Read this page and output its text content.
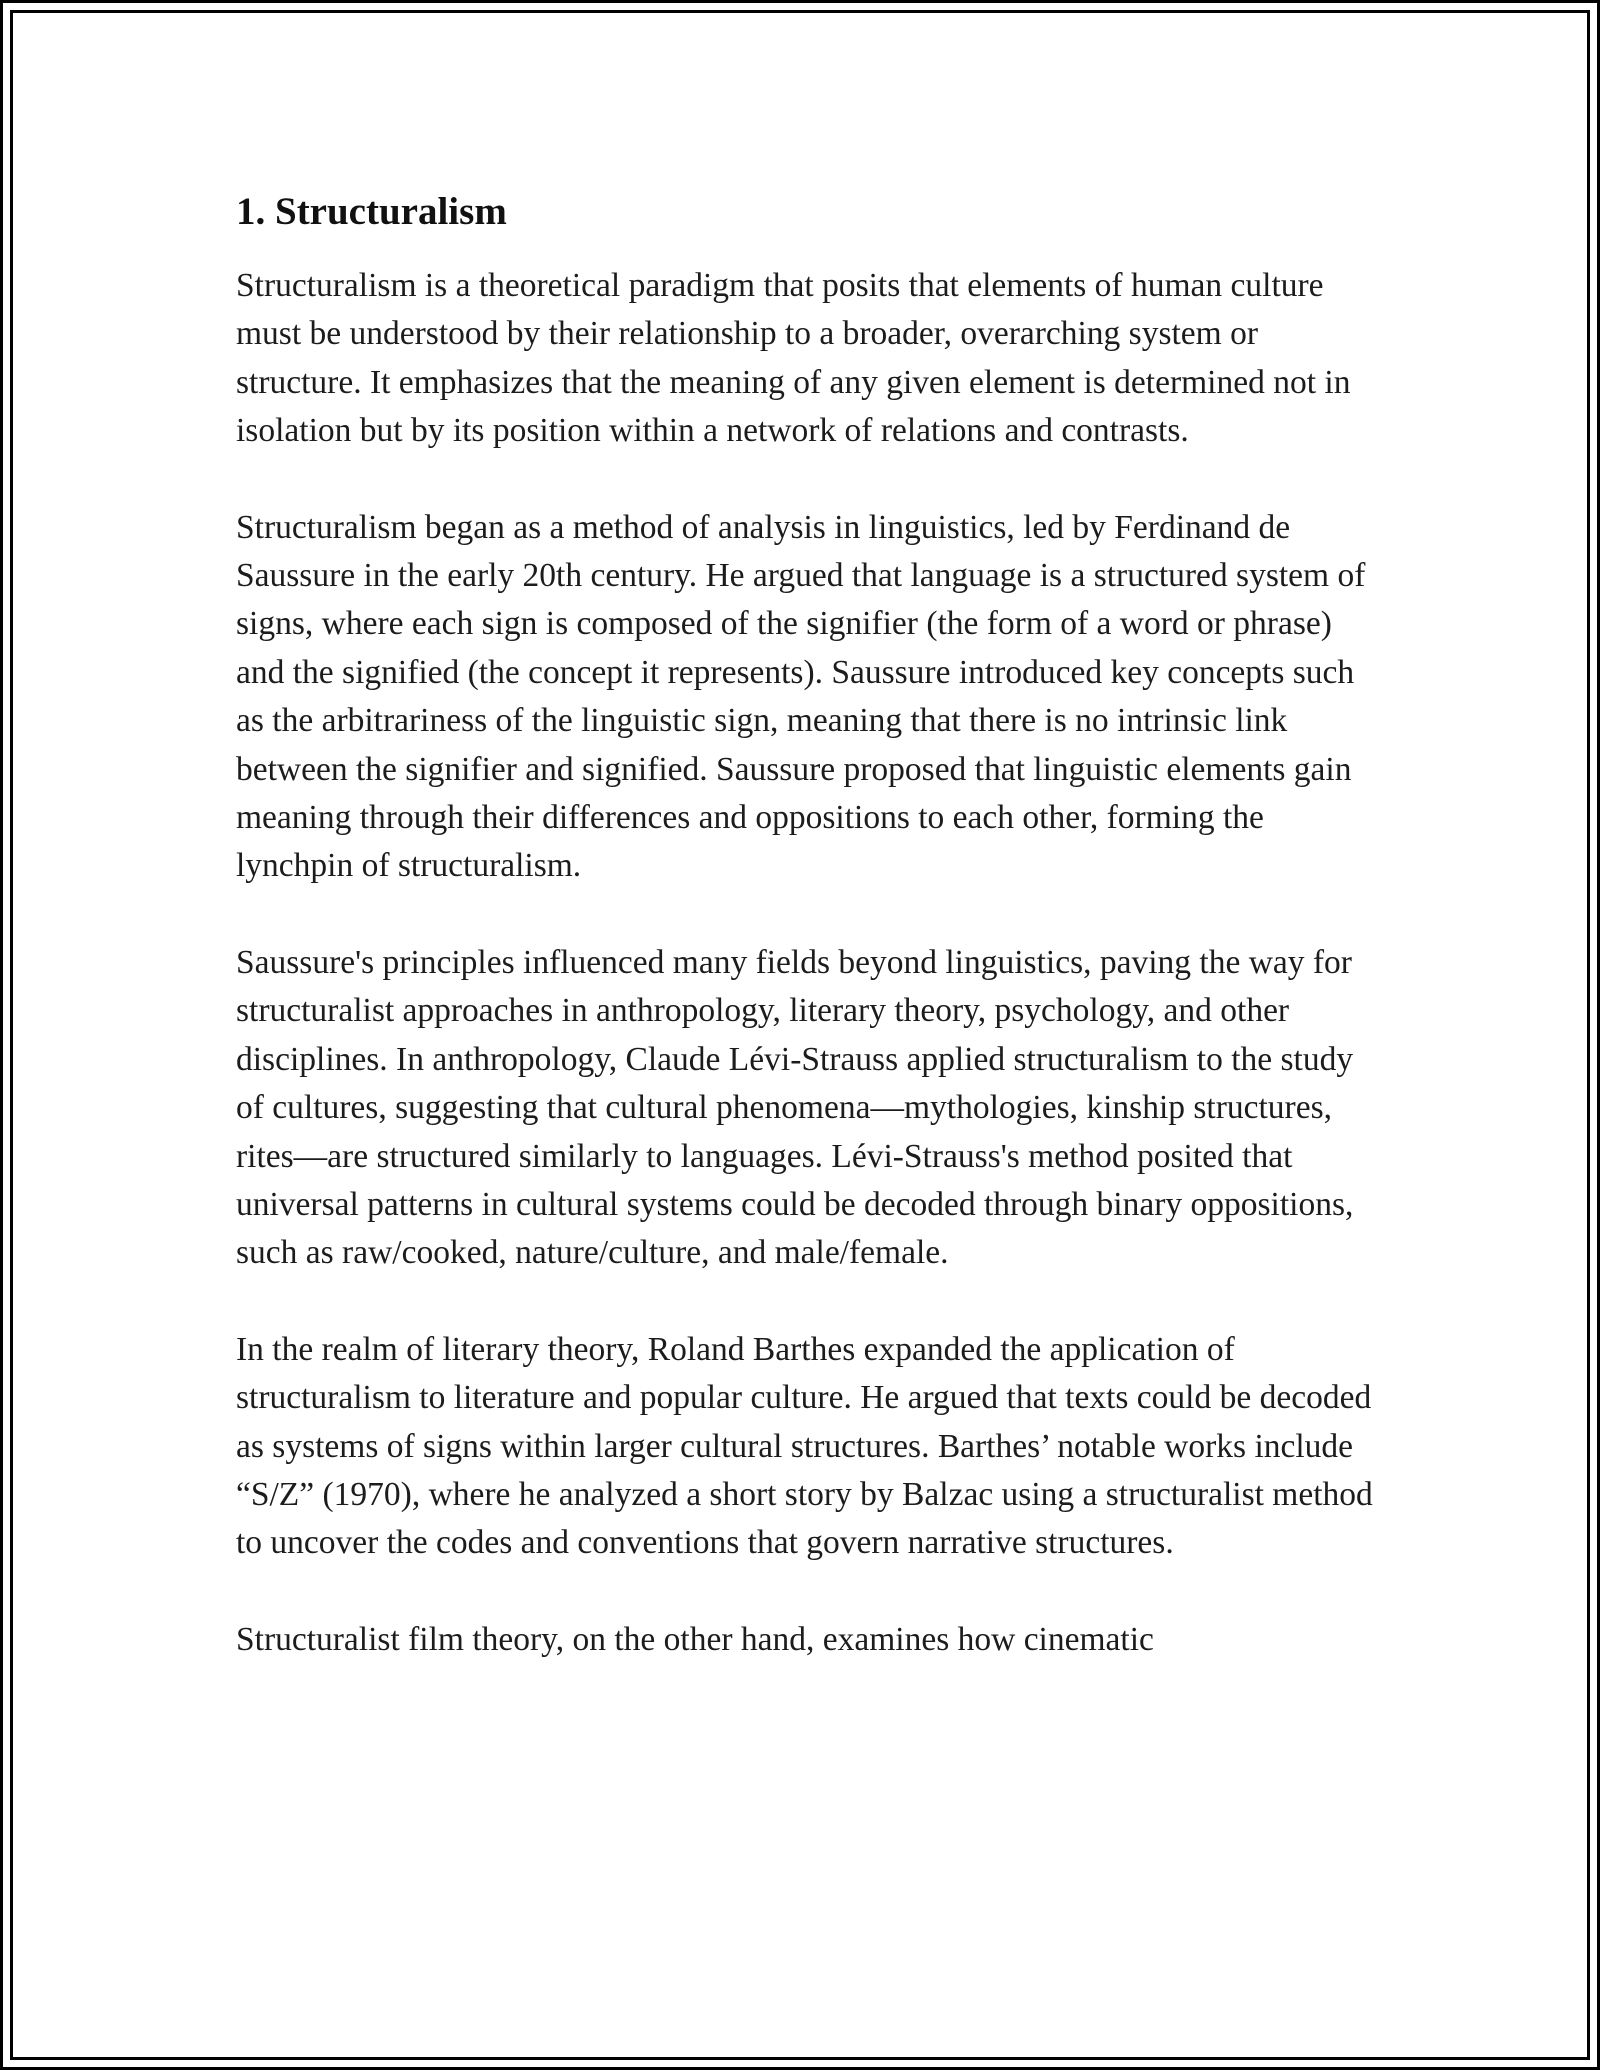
1. Structuralism

Structuralism is a theoretical paradigm that posits that elements of human culture must be understood by their relationship to a broader, overarching system or structure. It emphasizes that the meaning of any given element is determined not in isolation but by its position within a network of relations and contrasts.

Structuralism began as a method of analysis in linguistics, led by Ferdinand de Saussure in the early 20th century. He argued that language is a structured system of signs, where each sign is composed of the signifier (the form of a word or phrase) and the signified (the concept it represents). Saussure introduced key concepts such as the arbitrariness of the linguistic sign, meaning that there is no intrinsic link between the signifier and signified. Saussure proposed that linguistic elements gain meaning through their differences and oppositions to each other, forming the lynchpin of structuralism.

Saussure's principles influenced many fields beyond linguistics, paving the way for structuralist approaches in anthropology, literary theory, psychology, and other disciplines. In anthropology, Claude Lévi-Strauss applied structuralism to the study of cultures, suggesting that cultural phenomena—mythologies, kinship structures, rites—are structured similarly to languages. Lévi-Strauss's method posited that universal patterns in cultural systems could be decoded through binary oppositions, such as raw/cooked, nature/culture, and male/female.

In the realm of literary theory, Roland Barthes expanded the application of structuralism to literature and popular culture. He argued that texts could be decoded as systems of signs within larger cultural structures. Barthes’ notable works include “S/Z” (1970), where he analyzed a short story by Balzac using a structuralist method to uncover the codes and conventions that govern narrative structures.

Structuralist film theory, on the other hand, examines how cinematic
